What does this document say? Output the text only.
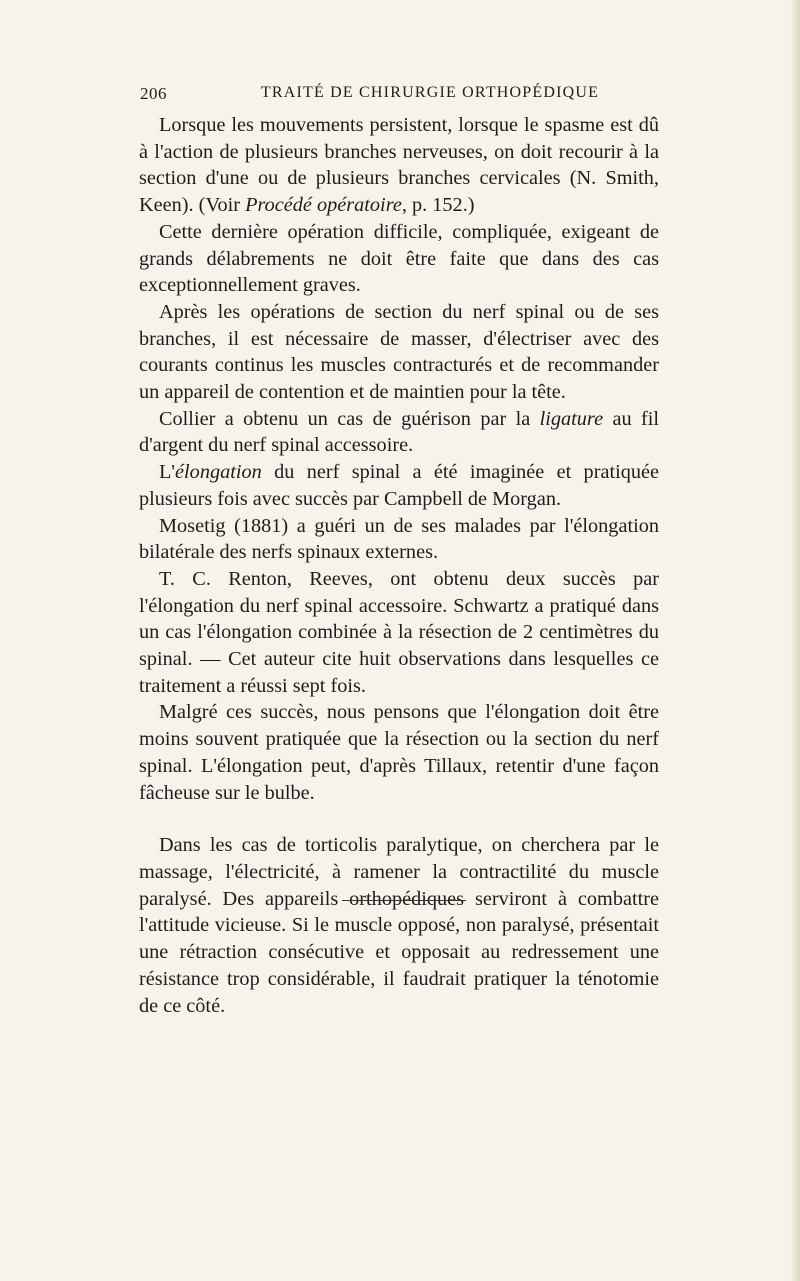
206	TRAITÉ DE CHIRURGIE ORTHOPÉDIQUE

Lorsque les mouvements persistent, lorsque le spasme est dû à l'action de plusieurs branches nerveuses, on doit recourir à la section d'une ou de plusieurs branches cervicales (N. Smith, Keen). (Voir Procédé opératoire, p. 152.)

Cette dernière opération difficile, compliquée, exigeant de grands délabrements ne doit être faite que dans des cas exceptionnellement graves.

Après les opérations de section du nerf spinal ou de ses branches, il est nécessaire de masser, d'électriser avec des courants continus les muscles contracturés et de recommander un appareil de contention et de maintien pour la tête.

Collier a obtenu un cas de guérison par la ligature au fil d'argent du nerf spinal accessoire.

L'élongation du nerf spinal a été imaginée et pratiquée plusieurs fois avec succès par Campbell de Morgan.

Mosetig (1881) a guéri un de ses malades par l'élongation bilatérale des nerfs spinaux externes.

T. C. Renton, Reeves, ont obtenu deux succès par l'élongation du nerf spinal accessoire. Schwartz a pratiqué dans un cas l'élongation combinée à la résection de 2 centimètres du spinal. — Cet auteur cite huit observations dans lesquelles ce traitement a réussi sept fois.

Malgré ces succès, nous pensons que l'élongation doit être moins souvent pratiquée que la résection ou la section du nerf spinal. L'élongation peut, d'après Tillaux, retentir d'une façon fâcheuse sur le bulbe.

Dans les cas de torticolis paralytique, on cherchera par le massage, l'électricité, à ramener la contractilité du muscle paralysé. Des appareils orthopédiques serviront à combattre l'attitude vicieuse. Si le muscle opposé, non paralysé, présentait une rétraction consécutive et opposait au redressement une résistance trop considérable, il faudrait pratiquer la ténotomie de ce côté.
